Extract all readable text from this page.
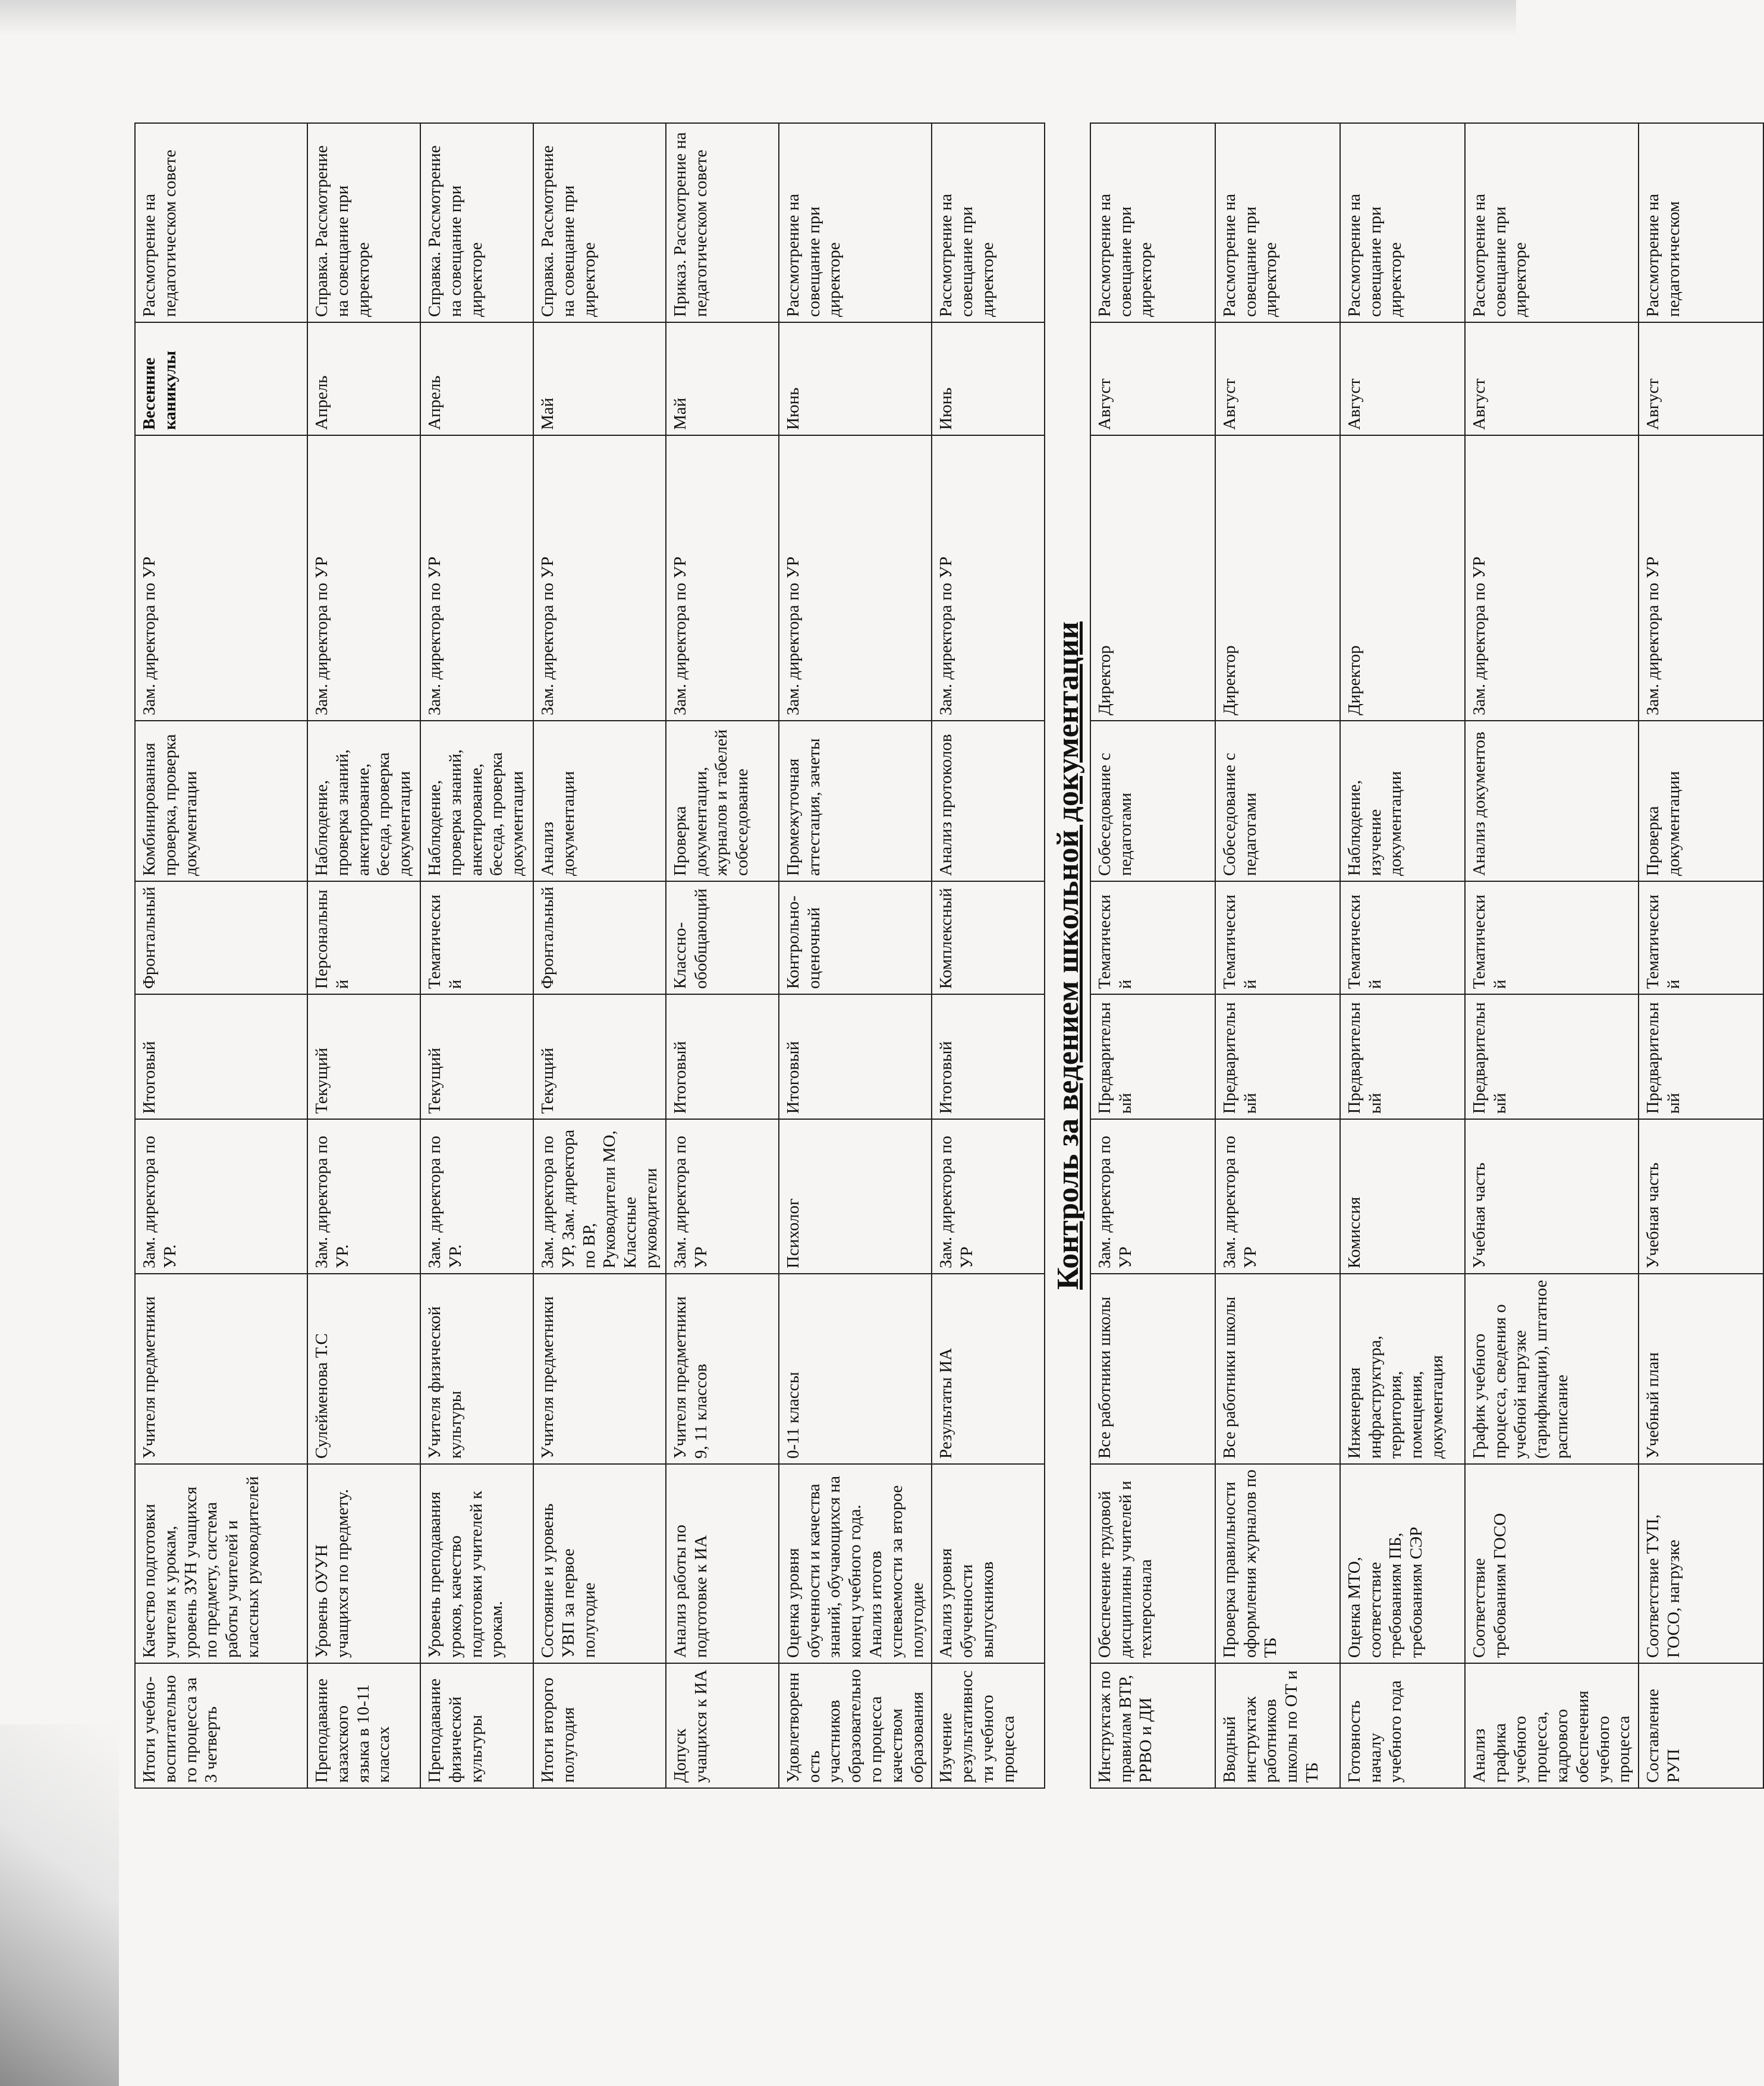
Итоги учебно-воспитательного процесса за 3 четверть	Качество подготовки учителя к урокам, уровень ЗУН учащихся по предмету, система работы учителей и классных руководителей	Учителя предметники	Зам. директора по УР.	Итоговый	Фронтальный	Комбинированная проверка, проверка документации	Зам. директора по УР	Весенние каникулы	Рассмотрение на педагогическом совете
Преподавание казахского языка в 10-11 классах	Уровень ОУУН учащихся по предмету.	Сулейменова Т.С	Зам. директора по УР.	Текущий	Персональный	Наблюдение, проверка знаний, анкетирование, беседа, проверка документации	Зам. директора по УР	Апрель	Справка. Рассмотрение на совещание при директоре
Преподавание физической культуры	Уровень преподавания уроков, качество подготовки учителей к урокам.	Учителя физической культуры	Зам. директора по УР.	Текущий	Тематический	Наблюдение, проверка знаний, анкетирование, беседа, проверка документации	Зам. директора по УР	Апрель	Справка. Рассмотрение на совещание при директоре
Итоги второго полугодия	Состояние и уровень УВП за первое полугодие	Учителя предметники	Зам. директора по УР, Зам. директора по ВР, Руководители МО, Классные руководители	Текущий	Фронтальный	Анализ документации	Зам. директора по УР	Май	Справка. Рассмотрение на совещание при директоре
Допуск учащихся к ИА	Анализ работы по подготовке к ИА	Учителя предметники 9, 11 классов	Зам. директора по УР	Итоговый	Классно-обобщающий	Проверка документации, журналов и табелей собеседование	Зам. директора по УР	Май	Приказ. Рассмотрение на педагогическом совете
Удовлетворенность участников образовательного процесса качеством образования	Оценка уровня обученности и качества знаний, обучающихся на конец учебного года. Анализ итогов успеваемости за второе полугодие	0-11 классы	Психолог	Итоговый	Контрольно-оценочный	Промежуточная аттестация, зачеты	Зам. директора по УР	Июнь	Рассмотрение на совещание при директоре
Изучение результативности учебного процесса	Анализ уровня обученности выпускников	Результаты ИА	Зам. директора по УР	Итоговый	Комплексный	Анализ протоколов	Зам. директора по УР	Июнь	Рассмотрение на совещание при директоре
Контроль за ведением школьной документации									
Инструктаж по правилам ВТР, РРВО и ДИ	Обеспечение трудовой дисциплины учителей и техперсонала	Все работники школы	Зам. директора по УР	Предварительный	Тематический	Собеседование с педагогами	Директор	Август	Рассмотрение на совещание при директоре
Вводный инструктаж работников школы по ОТ и ТБ	Проверка правильности оформления журналов по ТБ	Все работники школы	Зам. директора по УР	Предварительный	Тематический	Собеседование с педагогами	Директор	Август	Рассмотрение на совещание при директоре
Готовность началу учебного года	Оценка МТО, соответствие требованиям ПБ, требованиям СЭР	Инженерная инфраструктура, территория, помещения, документация	Комиссия	Предварительный	Тематический	Наблюдение, изучение документации	Директор	Август	Рассмотрение на совещание при директоре
Анализ графика учебного процесса, кадрового обеспечения учебного процесса	Соответствие требованиям ГОСО	График учебного процесса, сведения о учебной нагрузке (тарификации), штатное расписание	Учебная часть	Предварительный	Тематический	Анализ документов	Зам. директора по УР	Август	Рассмотрение на совещание при директоре
Составление РУП	Соответствие ТУП, ГОСО, нагрузке	Учебный план	Учебная часть	Предварительный	Тематический	Проверка документации	Зам. директора по УР	Август	Рассмотрение на педагогическом
